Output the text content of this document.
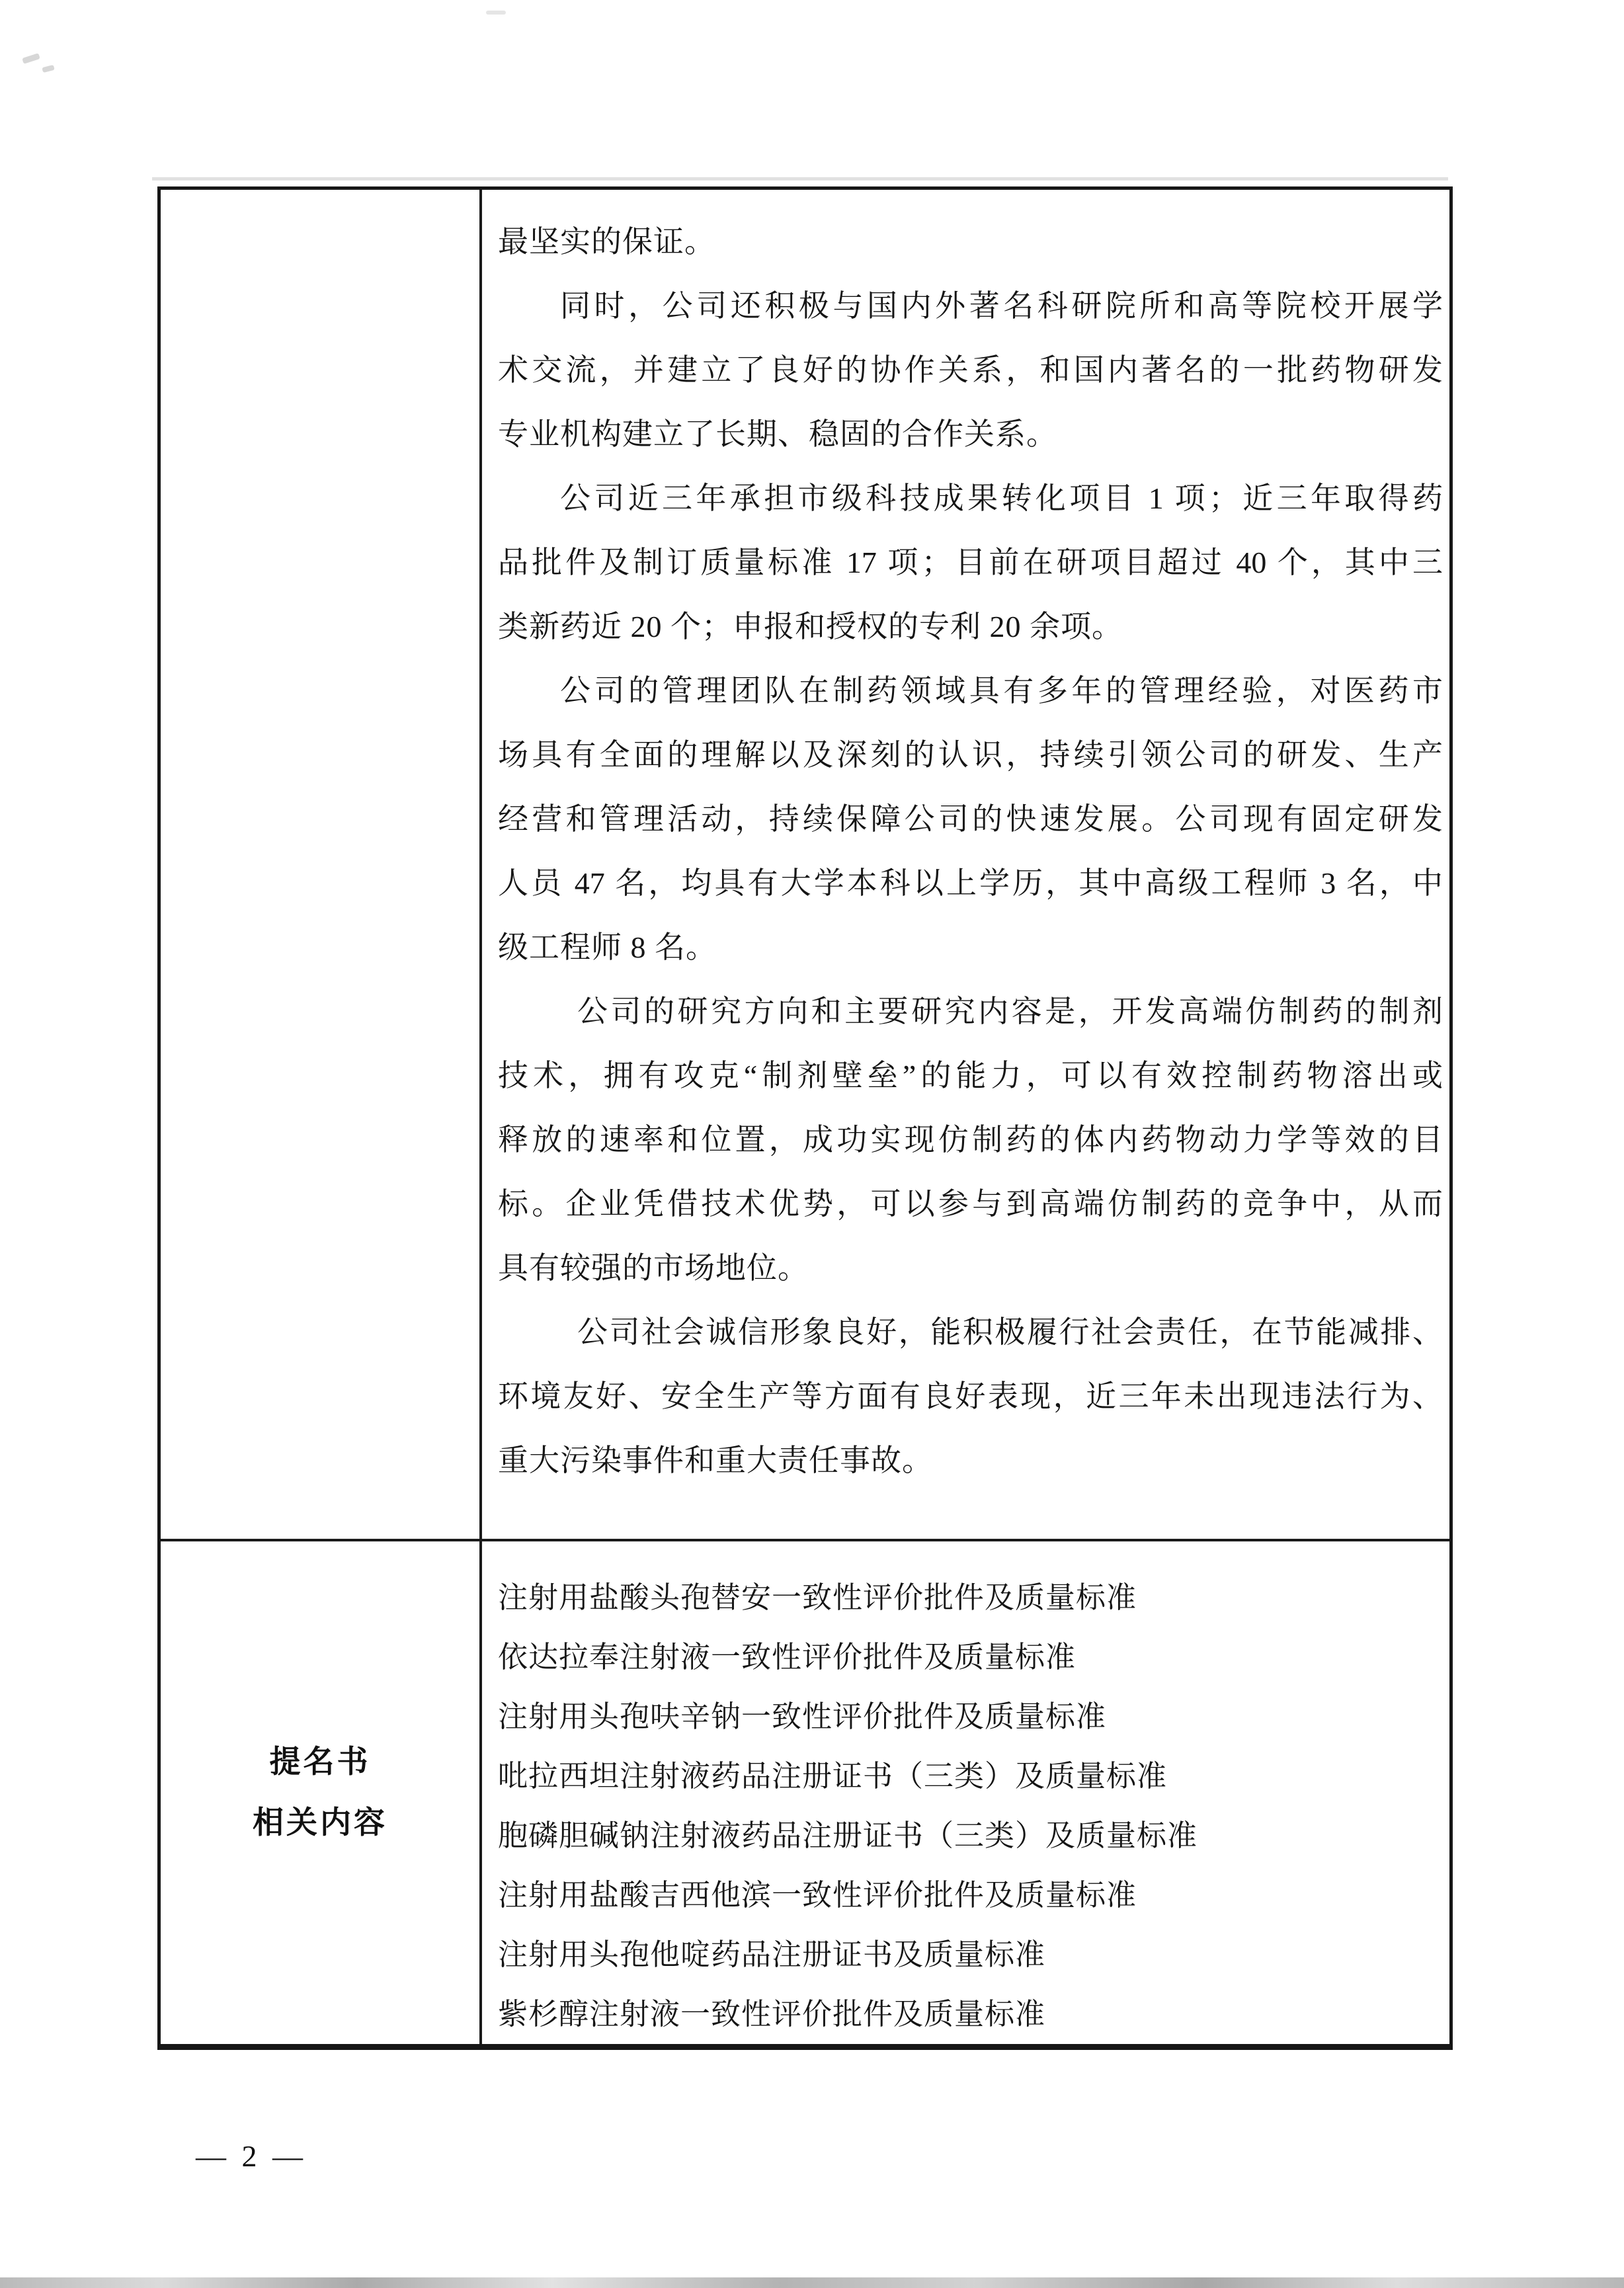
最坚实的保证。
同时，公司还积极与国内外著名科研院所和高等院校开展学
术交流，并建立了良好的协作关系，和国内著名的一批药物研发
专业机构建立了长期、稳固的合作关系。
公司近三年承担市级科技成果转化项目 1 项；近三年取得药
品批件及制订质量标准 17 项；目前在研项目超过 40 个，其中三
类新药近 20 个；申报和授权的专利 20 余项。
公司的管理团队在制药领域具有多年的管理经验，对医药市
场具有全面的理解以及深刻的认识，持续引领公司的研发、生产
经营和管理活动，持续保障公司的快速发展。公司现有固定研发
人员 47 名，均具有大学本科以上学历，其中高级工程师 3 名，中
级工程师 8 名。
公司的研究方向和主要研究内容是，开发高端仿制药的制剂
技术，拥有攻克“制剂壁垒”的能力，可以有效控制药物溶出或
释放的速率和位置，成功实现仿制药的体内药物动力学等效的目
标。企业凭借技术优势，可以参与到高端仿制药的竞争中，从而
具有较强的市场地位。
公司社会诚信形象良好，能积极履行社会责任，在节能减排、
环境友好、安全生产等方面有良好表现，近三年未出现违法行为、
重大污染事件和重大责任事故。
提名书
相关内容
注射用盐酸头孢替安一致性评价批件及质量标准
依达拉奉注射液一致性评价批件及质量标准
注射用头孢呋辛钠一致性评价批件及质量标准
吡拉西坦注射液药品注册证书（三类）及质量标准
胞磷胆碱钠注射液药品注册证书（三类）及质量标准
注射用盐酸吉西他滨一致性评价批件及质量标准
注射用头孢他啶药品注册证书及质量标准
紫杉醇注射液一致性评价批件及质量标准
— 2 —
